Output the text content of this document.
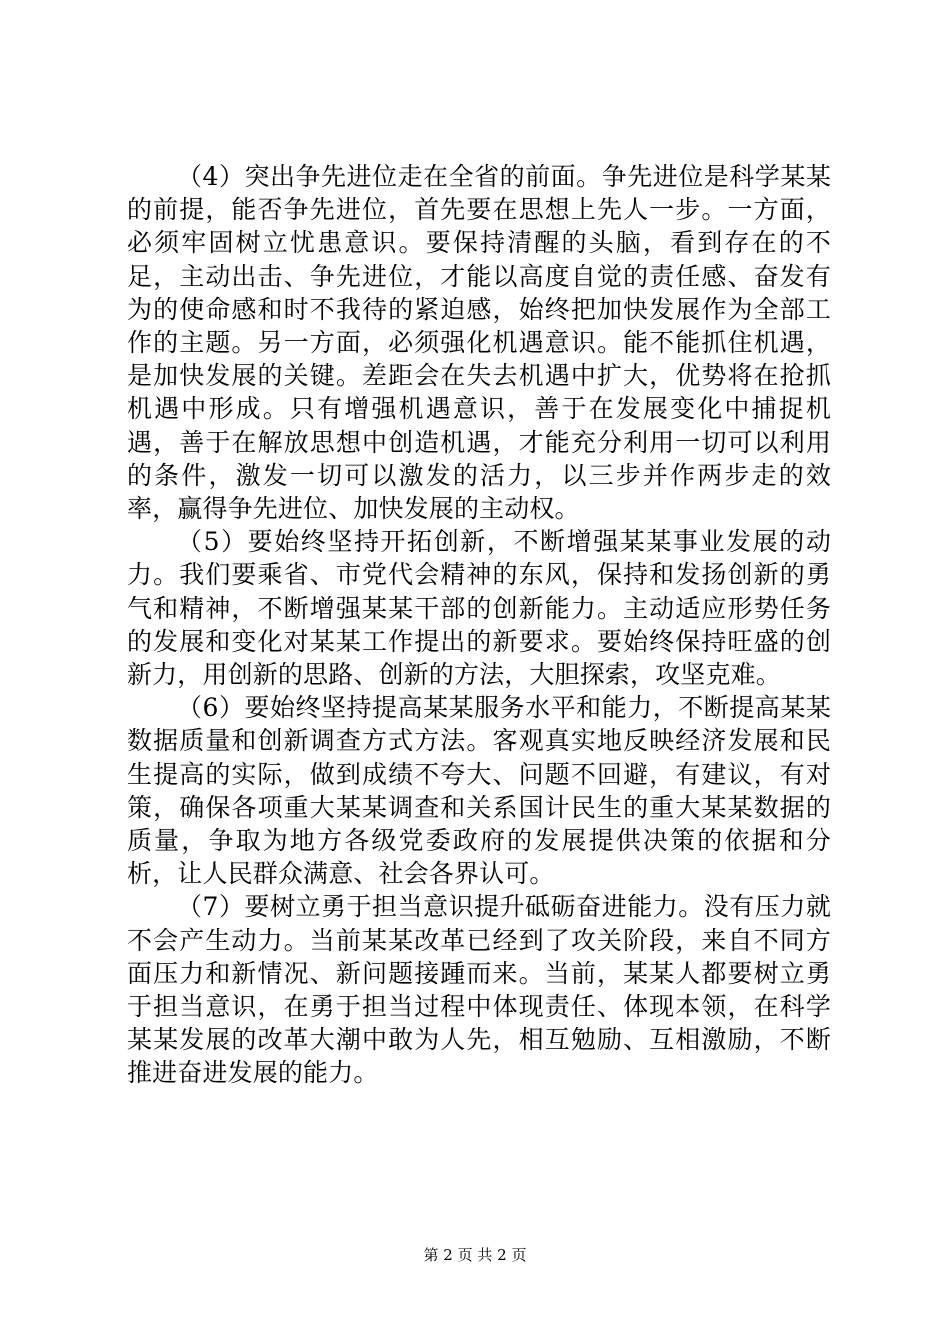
（4）突出争先进位走在全省的前面。争先进位是科学某某的前提，能否争先进位，首先要在思想上先人一步。一方面，必须牢固树立忧患意识。要保持清醒的头脑，看到存在的不足，主动出击、争先进位，才能以高度自觉的责任感、奋发有为的使命感和时不我待的紧迫感，始终把加快发展作为全部工作的主题。另一方面，必须强化机遇意识。能不能抓住机遇，是加快发展的关键。差距会在失去机遇中扩大，优势将在抢抓机遇中形成。只有增强机遇意识，善于在发展变化中捕捉机遇，善于在解放思想中创造机遇，才能充分利用一切可以利用的条件，激发一切可以激发的活力，以三步并作两步走的效率，赢得争先进位、加快发展的主动权。

（5）要始终坚持开拓创新，不断增强某某事业发展的动力。我们要乘省、市党代会精神的东风，保持和发扬创新的勇气和精神，不断增强某某干部的创新能力。主动适应形势任务的发展和变化对某某工作提出的新要求。要始终保持旺盛的创新力，用创新的思路、创新的方法，大胆探索，攻坚克难。

（6）要始终坚持提高某某服务水平和能力，不断提高某某数据质量和创新调查方式方法。客观真实地反映经济发展和民生提高的实际，做到成绩不夸大、问题不回避，有建议，有对策，确保各项重大某某调查和关系国计民生的重大某某数据的质量，争取为地方各级党委政府的发展提供决策的依据和分析，让人民群众满意、社会各界认可。

（7）要树立勇于担当意识提升砥砺奋进能力。没有压力就不会产生动力。当前某某改革已经到了攻关阶段，来自不同方面压力和新情况、新问题接踵而来。当前，某某人都要树立勇于担当意识，在勇于担当过程中体现责任、体现本领，在科学某某发展的改革大潮中敢为人先，相互勉励、互相激励，不断推进奋进发展的能力。

第 2 页 共 2 页
